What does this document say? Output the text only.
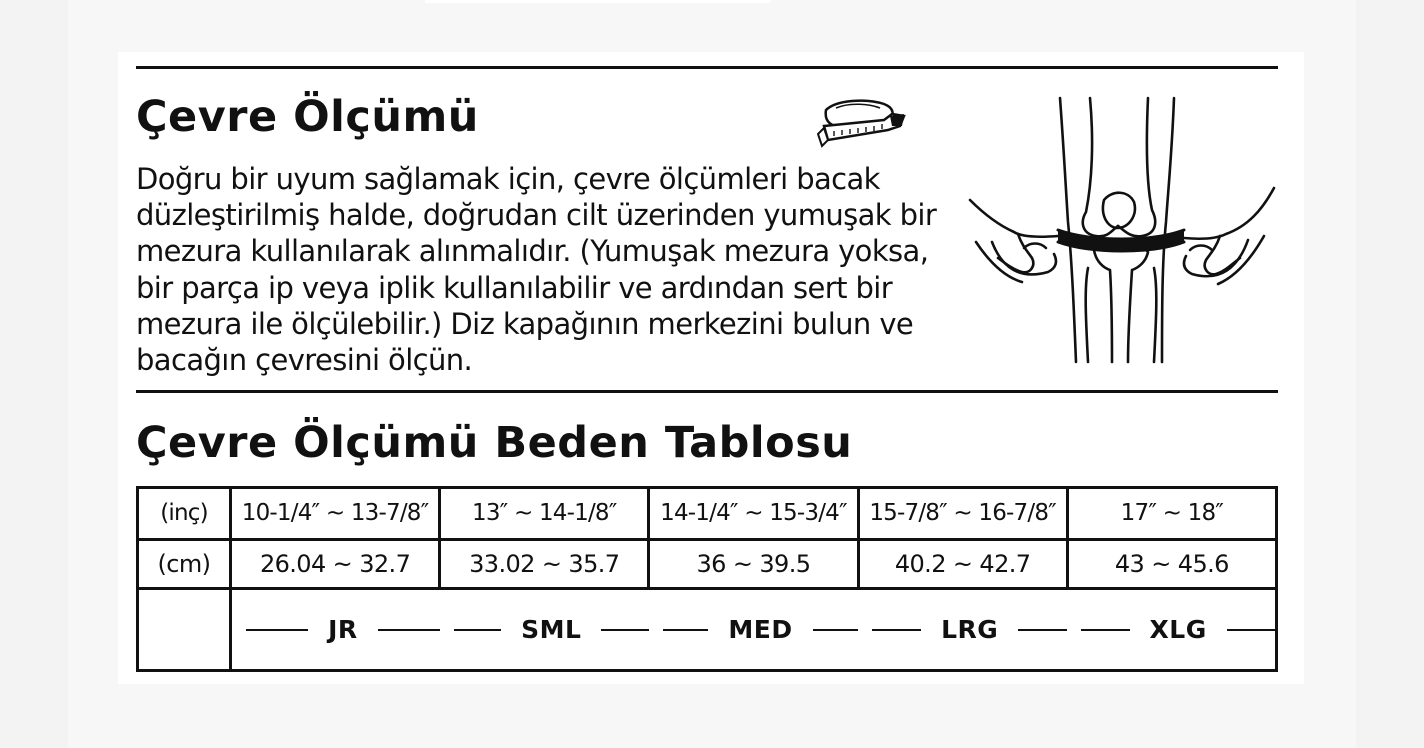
Çevre Ölçümü
Doğru bir uyum sağlamak için, çevre ölçümleri bacak
düzleştirilmiş halde, doğrudan cilt üzerinden yumuşak bir
mezura kullanılarak alınmalıdır. (Yumuşak mezura yoksa,
bir parça ip veya iplik kullanılabilir ve ardından sert bir
mezura ile ölçülebilir.) Diz kapağının merkezini bulun ve
bacağın çevresini ölçün.
Çevre Ölçümü Beden Tablosu
(inç)	10-1/4″ ~ 13-7/8″	13″ ~ 14-1/8″	14-1/4″ ~ 15-3/4″	15-7/8″ ~ 16-7/8″	17″ ~ 18″
(cm)	26.04 ~ 32.7	33.02 ~ 35.7	36 ~ 39.5	40.2 ~ 42.7	43 ~ 45.6

	JR	SML	MED	LRG	XLG
